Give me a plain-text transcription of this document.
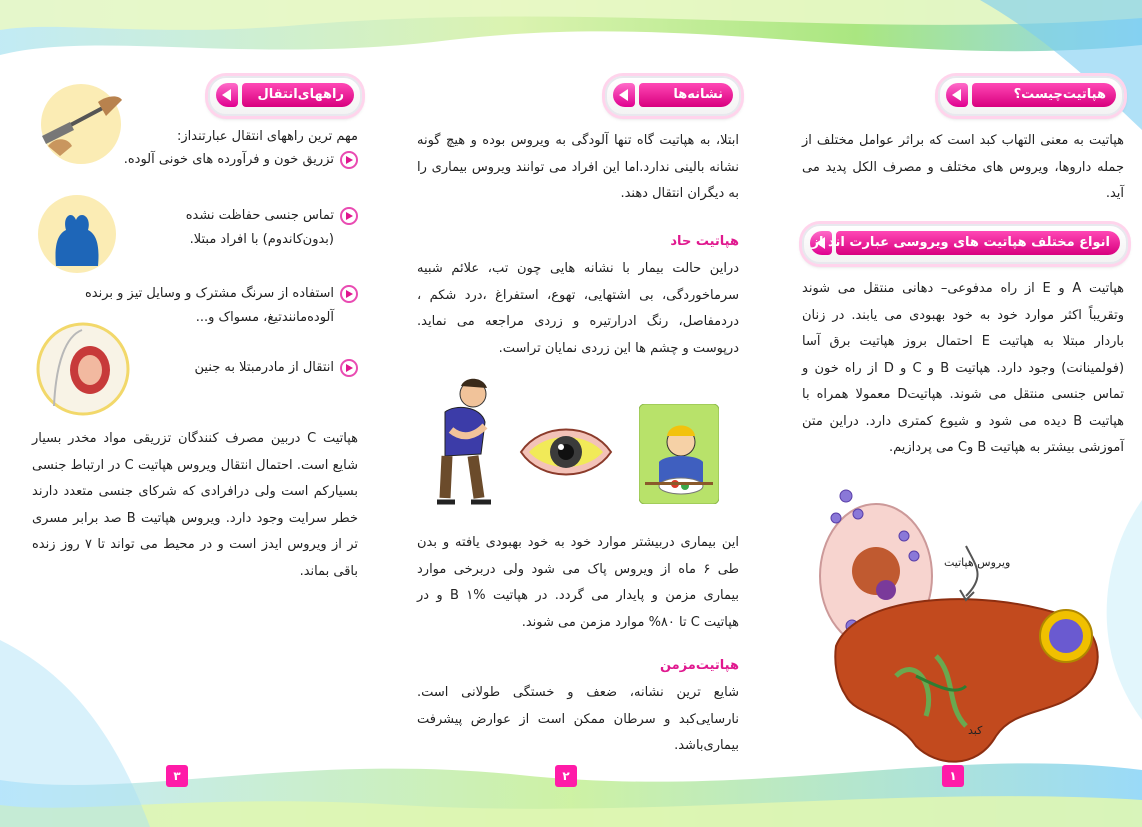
هپاتیت‌چیست؟
هپاتیت به معنی التهاب کبد است که براثر عوامل مختلف از جمله داروها، ویروس های مختلف و مصرف الکل پدید می آید.
انواع مختلف هپاتیت های ویروسی عبارت اند از
هپاتیت A و E از راه مدفوعی– دهانی منتقل می شوند وتقریباً اکثر موارد خود به خود بهبودی می یابند. در زنان باردار مبتلا به هپاتیت E احتمال بروز هپاتیت برق آسا (فولمینانت) وجود دارد. هپاتیت B و C و D از راه خون و تماس جنسی منتقل می شوند. هپاتیتD معمولا همراه با هپاتیت B دیده می شود و شیوع کمتری دارد. دراین متن آموزشی بیشتر به هپاتیت B وC می پردازیم.
ویروس هپاتیت
کبد
۱
نشانه‌ها
ابتلا، به هپاتیت گاه تنها آلودگی به ویروس بوده و هیچ گونه نشانه بالینی ندارد.اما این افراد می توانند ویروس بیماری را به دیگران انتقال دهند.
هپاتیت حاد
دراین حالت بیمار با نشانه هایی چون تب، علائم شبیه سرماخوردگی، بی اشتهایی، تهوع، استفراغ ،درد شکم ، دردمفاصل، رنگ ادرارتیره و زردی مراجعه می نماید. درپوست و چشم ها این زردی نمایان تراست.
این بیماری دربیشتر موارد خود به خود بهبودی یافته و بدن طی ۶ ماه از ویروس پاک می شود ولی دربرخی موارد بیماری مزمن و پایدار می گردد. در هپاتیت B ۱% و در هپاتیت C تا ۸۰% موارد مزمن می شوند.
هپاتیت‌مزمن
شایع ترین نشانه، ضعف و خستگی طولانی است. نارسایی‌کبد و سرطان ممکن است از عوارض پیشرفت بیماری‌باشد.
۲
راههای‌انتقال
مهم ترین راههای انتقال عبارتنداز:
تزریق خون و فرآورده های خونی آلوده.
تماس جنسی حفاظت نشده (بدون‌کاندوم) با افراد مبتلا.
استفاده از سرنگ مشترک و وسایل تیز و برنده آلوده‌مانند‌تیغ، مسواک و...
انتقال از مادرمبتلا به جنین
هپاتیت C دربین مصرف کنندگان تزریقی مواد مخدر بسیار شایع است. احتمال انتقال ویروس هپاتیت C در ارتباط جنسی بسیارکم است ولی درافرادی که شرکای جنسی متعدد دارند خطر سرایت وجود دارد. ویروس هپاتیت B صد برابر مسری تر از ویروس ایدز است و در محیط می تواند تا ۷ روز زنده باقی بماند.
۳
